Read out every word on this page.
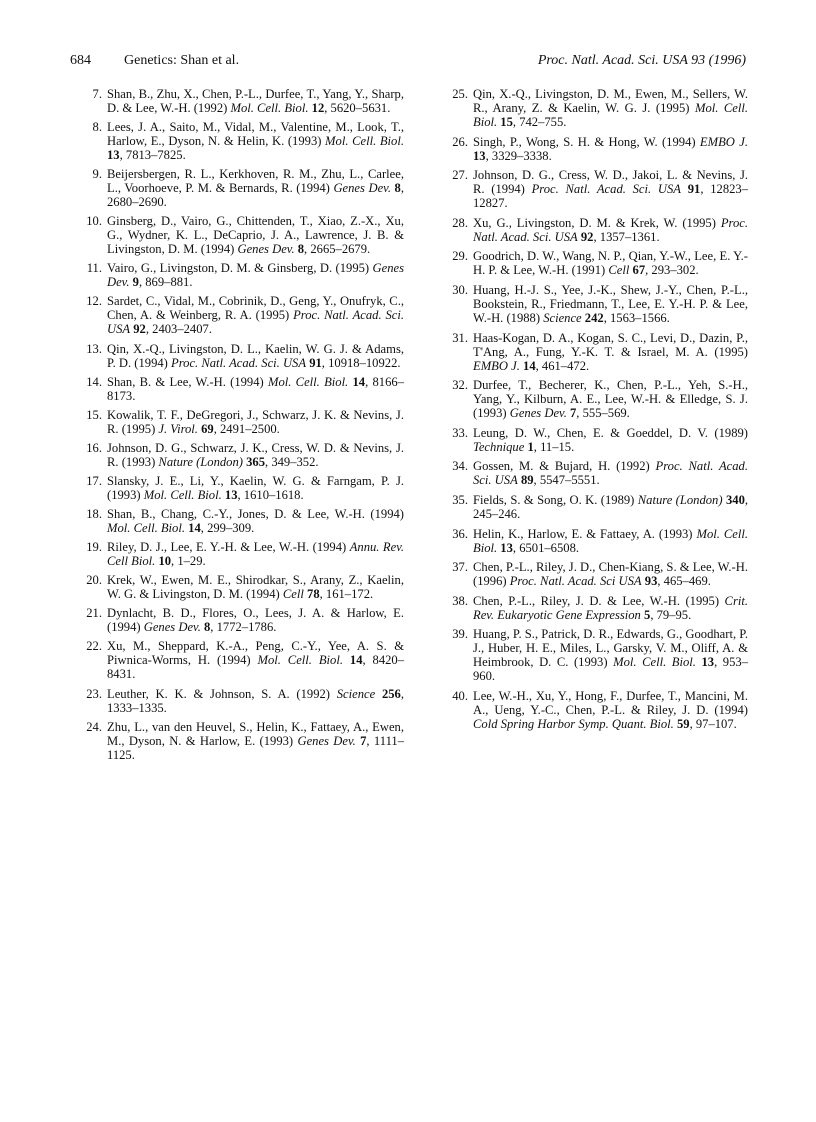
684 Genetics: Shan et al.	Proc. Natl. Acad. Sci. USA 93 (1996)
7 . Shan, B., Zhu, X., Chen, P.-L., Durfee, T., Yang, Y., Sharp, D. & Lee, W.-H. (1992) Mol. Cell. Biol. 12, 5620–5631.
8 . Lees, J. A., Saito, M., Vidal, M., Valentine, M., Look, T., Harlow, E., Dyson, N. & Helin, K. (1993) Mol. Cell. Biol. 13, 7813–7825.
9 . Beijersbergen, R. L., Kerkhoven, R. M., Zhu, L., Carlee, L., Voorhoeve, P. M. & Bernards, R. (1994) Genes Dev. 8, 2680–2690.
10 . Ginsberg, D., Vairo, G., Chittenden, T., Xiao, Z.-X., Xu, G., Wydner, K. L., DeCaprio, J. A., Lawrence, J. B. & Livingston, D. M. (1994) Genes Dev. 8, 2665–2679.
11 . Vairo, G., Livingston, D. M. & Ginsberg, D. (1995) Genes Dev. 9, 869–881.
12 . Sardet, C., Vidal, M., Cobrinik, D., Geng, Y., Onufryk, C., Chen, A. & Weinberg, R. A. (1995) Proc. Natl. Acad. Sci. USA 92, 2403–2407.
13 . Qin, X.-Q., Livingston, D. L., Kaelin, W. G. J. & Adams, P. D. (1994) Proc. Natl. Acad. Sci. USA 91, 10918–10922.
14 . Shan, B. & Lee, W.-H. (1994) Mol. Cell. Biol. 14, 8166–8173.
15 . Kowalik, T. F., DeGregori, J., Schwarz, J. K. & Nevins, J. R. (1995) J. Virol. 69, 2491–2500.
16 . Johnson, D. G., Schwarz, J. K., Cress, W. D. & Nevins, J. R. (1993) Nature (London) 365, 349–352.
17 . Slansky, J. E., Li, Y., Kaelin, W. G. & Farngam, P. J. (1993) Mol. Cell. Biol. 13, 1610–1618.
18 . Shan, B., Chang, C.-Y., Jones, D. & Lee, W.-H. (1994) Mol. Cell. Biol. 14, 299–309.
19 . Riley, D. J., Lee, E. Y.-H. & Lee, W.-H. (1994) Annu. Rev. Cell Biol. 10, 1–29.
20 . Krek, W., Ewen, M. E., Shirodkar, S., Arany, Z., Kaelin, W. G. & Livingston, D. M. (1994) Cell 78, 161–172.
21 . Dynlacht, B. D., Flores, O., Lees, J. A. & Harlow, E. (1994) Genes Dev. 8, 1772–1786.
22 . Xu, M., Sheppard, K.-A., Peng, C.-Y., Yee, A. S. & Piwnica-Worms, H. (1994) Mol. Cell. Biol. 14, 8420–8431.
23 . Leuther, K. K. & Johnson, S. A. (1992) Science 256, 1333–1335.
24 . Zhu, L., van den Heuvel, S., Helin, K., Fattaey, A., Ewen, M., Dyson, N. & Harlow, E. (1993) Genes Dev. 7, 1111–1125.
25 . Qin, X.-Q., Livingston, D. M., Ewen, M., Sellers, W. R., Arany, Z. & Kaelin, W. G. J. (1995) Mol. Cell. Biol. 15, 742–755.
26 . Singh, P., Wong, S. H. & Hong, W. (1994) EMBO J. 13, 3329–3338.
27 . Johnson, D. G., Cress, W. D., Jakoi, L. & Nevins, J. R. (1994) Proc. Natl. Acad. Sci. USA 91, 12823–12827.
28 . Xu, G., Livingston, D. M. & Krek, W. (1995) Proc. Natl. Acad. Sci. USA 92, 1357–1361.
29 . Goodrich, D. W., Wang, N. P., Qian, Y.-W., Lee, E. Y.-H. P. & Lee, W.-H. (1991) Cell 67, 293–302.
30 . Huang, H.-J. S., Yee, J.-K., Shew, J.-Y., Chen, P.-L., Bookstein, R., Friedmann, T., Lee, E. Y.-H. P. & Lee, W.-H. (1988) Science 242, 1563–1566.
31 . Haas-Kogan, D. A., Kogan, S. C., Levi, D., Dazin, P., T'Ang, A., Fung, Y.-K. T. & Israel, M. A. (1995) EMBO J. 14, 461–472.
32 . Durfee, T., Becherer, K., Chen, P.-L., Yeh, S.-H., Yang, Y., Kilburn, A. E., Lee, W.-H. & Elledge, S. J. (1993) Genes Dev. 7, 555–569.
33 . Leung, D. W., Chen, E. & Goeddel, D. V. (1989) Technique 1, 11–15.
34 . Gossen, M. & Bujard, H. (1992) Proc. Natl. Acad. Sci. USA 89, 5547–5551.
35 . Fields, S. & Song, O. K. (1989) Nature (London) 340, 245–246.
36 . Helin, K., Harlow, E. & Fattaey, A. (1993) Mol. Cell. Biol. 13, 6501–6508.
37 . Chen, P.-L., Riley, J. D., Chen-Kiang, S. & Lee, W.-H. (1996) Proc. Natl. Acad. Sci USA 93, 465–469.
38 . Chen, P.-L., Riley, J. D. & Lee, W.-H. (1995) Crit. Rev. Eukaryotic Gene Expression 5, 79–95.
39 . Huang, P. S., Patrick, D. R., Edwards, G., Goodhart, P. J., Huber, H. E., Miles, L., Garsky, V. M., Oliff, A. & Heimbrook, D. C. (1993) Mol. Cell. Biol. 13, 953–960.
40 . Lee, W.-H., Xu, Y., Hong, F., Durfee, T., Mancini, M. A., Ueng, Y.-C., Chen, P.-L. & Riley, J. D. (1994) Cold Spring Harbor Symp. Quant. Biol. 59, 97–107.
